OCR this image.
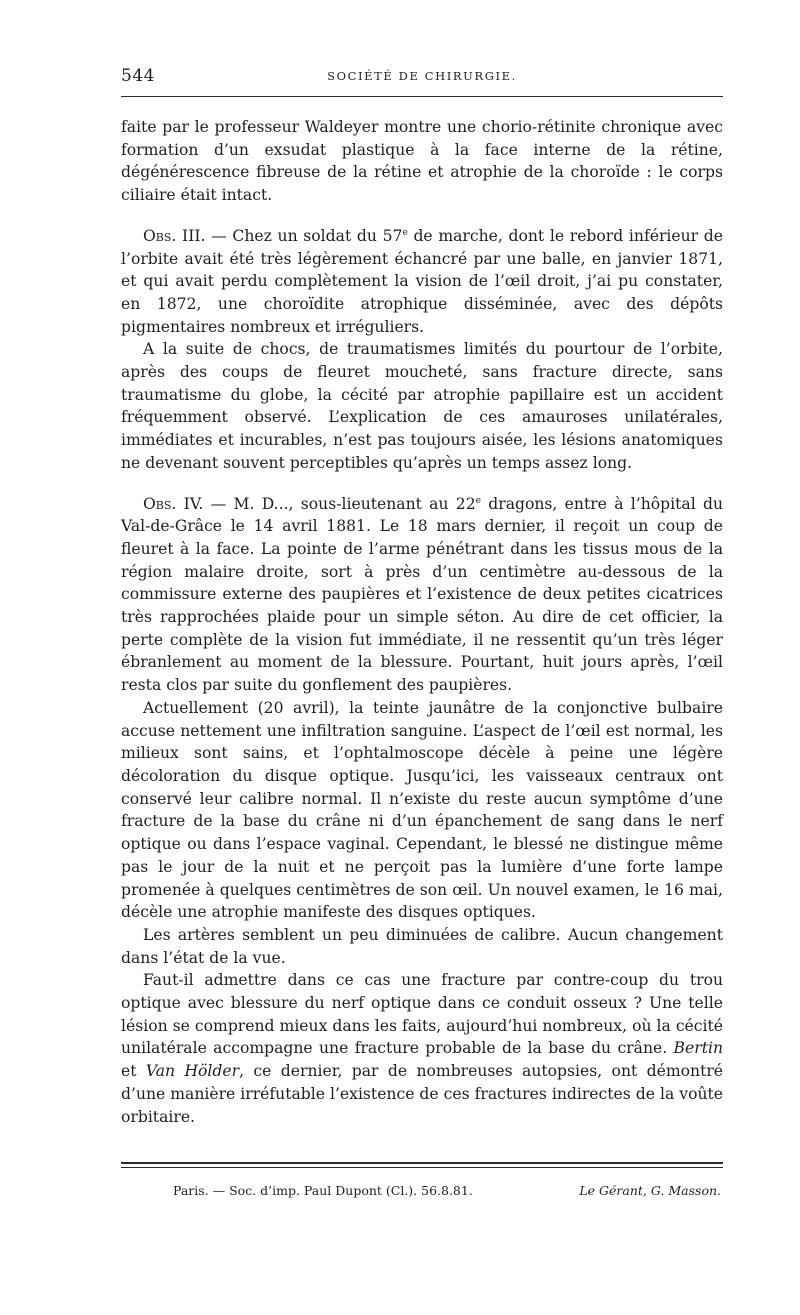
544	SOCIÉTÉ DE CHIRURGIE.

faite par le professeur Waldeyer montre une chorio-rétinite chronique avec formation d’un exsudat plastique à la face interne de la rétine, dégénérescence fibreuse de la rétine et atrophie de la choroïde : le corps ciliaire était intact.

Obs. III. — Chez un soldat du 57e de marche, dont le rebord inférieur de l’orbite avait été très légèrement échancré par une balle, en janvier 1871, et qui avait perdu complètement la vision de l’œil droit, j’ai pu constater, en 1872, une choroïdite atrophique disséminée, avec des dépôts pigmentaires nombreux et irréguliers.

A la suite de chocs, de traumatismes limités du pourtour de l’orbite, après des coups de fleuret moucheté, sans fracture directe, sans traumatisme du globe, la cécité par atrophie papillaire est un accident fréquemment observé. L’explication de ces amauroses unilatérales, immédiates et incurables, n’est pas toujours aisée, les lésions anatomiques ne devenant souvent perceptibles qu’après un temps assez long.

Obs. IV. — M. D..., sous-lieutenant au 22e dragons, entre à l’hôpital du Val-de-Grâce le 14 avril 1881. Le 18 mars dernier, il reçoit un coup de fleuret à la face. La pointe de l’arme pénétrant dans les tissus mous de la région malaire droite, sort à près d’un centimètre au-dessous de la commissure externe des paupières et l’existence de deux petites cicatrices très rapprochées plaide pour un simple séton. Au dire de cet officier, la perte complète de la vision fut immédiate, il ne ressentit qu’un très léger ébranlement au moment de la blessure. Pourtant, huit jours après, l’œil resta clos par suite du gonflement des paupières.

Actuellement (20 avril), la teinte jaunâtre de la conjonctive bulbaire accuse nettement une infiltration sanguine. L’aspect de l’œil est normal, les milieux sont sains, et l’ophtalmoscope décèle à peine une légère décoloration du disque optique. Jusqu’ici, les vaisseaux centraux ont conservé leur calibre normal. Il n’existe du reste aucun symptôme d’une fracture de la base du crâne ni d’un épanchement de sang dans le nerf optique ou dans l’espace vaginal. Cependant, le blessé ne distingue même pas le jour de la nuit et ne perçoit pas la lumière d’une forte lampe promenée à quelques centimètres de son œil. Un nouvel examen, le 16 mai, décèle une atrophie manifeste des disques optiques.

Les artères semblent un peu diminuées de calibre. Aucun changement dans l’état de la vue.

Faut-il admettre dans ce cas une fracture par contre-coup du trou optique avec blessure du nerf optique dans ce conduit osseux ? Une telle lésion se comprend mieux dans les faits, aujourd’hui nombreux, où la cécité unilatérale accompagne une fracture probable de la base du crâne. Bertin et Van Hölder, ce dernier, par de nombreuses autopsies, ont démontré d’une manière irréfutable l’existence de ces fractures indirectes de la voûte orbitaire.

Paris. — Soc. d’imp. Paul Dupont (Cl.). 56.8.81.	Le Gérant, G. Masson.
